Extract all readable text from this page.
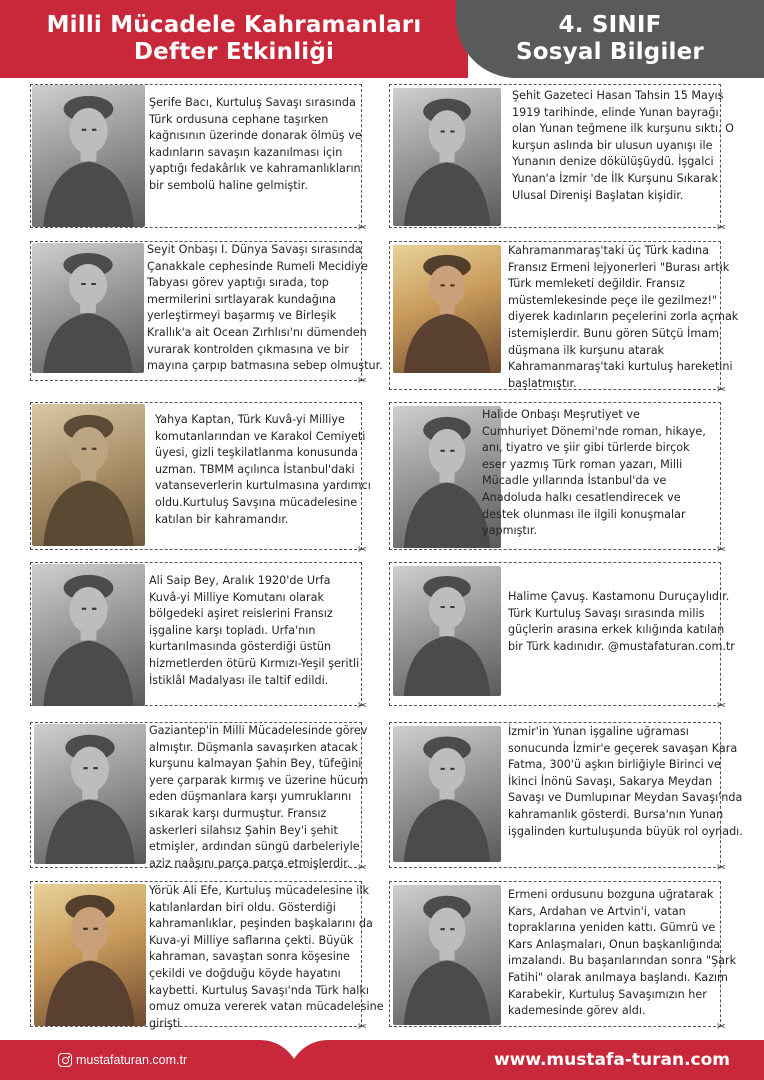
Milli Mücadele Kahramanları
Defter Etkinliği
4. SINIF
Sosyal Bilgiler
Şerife Bacı, Kurtuluş Savaşı sırasında
Türk ordusuna cephane taşırken
kağnısının üzerinde donarak ölmüş ve
kadınların savaşın kazanılması için
yaptığı fedakârlık ve kahramanlıkların
bir sembolü haline gelmiştir.
✂
Şehit Gazeteci Hasan Tahsin 15 Mayıs
1919 tarihinde, elinde Yunan bayrağı
olan Yunan teğmene ilk kurşunu sıktı. O
kurşun aslında bir ulusun uyanışı ile
Yunanın denize dökülüşüydü. İşgalci
Yunan'a İzmir 'de İlk Kurşunu Sıkarak
Ulusal Direnişi Başlatan kişidir.
✂
Seyit Onbaşı I. Dünya Savaşı sırasında
Çanakkale cephesinde Rumeli Mecidiye
Tabyası görev yaptığı sırada, top
mermilerini sırtlayarak kundağına
yerleştirmeyi başarmış ve Birleşik
Krallık'a ait Ocean Zırhlısı'nı dümenden
vurarak kontrolden çıkmasına ve bir
mayına çarpıp batmasına sebep olmuştur.
✂
Kahramanmaraş'taki üç Türk kadına
Fransız Ermeni lejyonerleri "Burası artık
Türk memleketi değildir. Fransız
müstemlekesinde peçe ile gezilmez!"
diyerek kadınların peçelerini zorla açmak
istemişlerdir. Bunu gören Sütçü İmam
düşmana ilk kurşunu atarak
Kahramanmaraş'taki kurtuluş hareketini
başlatmıştır.
✂
Yahya Kaptan, Türk Kuvâ-yi Milliye
komutanlarından ve Karakol Cemiyeti
üyesi, gizli teşkilatlanma konusunda
uzman. TBMM açılınca İstanbul'daki
vatanseverlerin kurtulmasına yardımcı
oldu.Kurtuluş Savşına mücadelesine
katılan bir kahramandır.
✂
Halide Onbaşı Meşrutiyet ve
Cumhuriyet Dönemi'nde roman, hikaye,
anı, tiyatro ve şiir gibi türlerde birçok
eser yazmış Türk roman yazarı, Milli
Mücadle yıllarında İstanbul'da ve
Anadoluda halkı cesatlendirecek ve
destek olunması ile ilgili konuşmalar
yapmıştır.
✂
Ali Saip Bey, Aralık 1920'de Urfa
Kuvâ-yi Milliye Komutanı olarak
bölgedeki aşiret reislerini Fransız
işgaline karşı topladı. Urfa'nın
kurtarılmasında gösterdiği üstün
hizmetlerden ötürü Kırmızı-Yeşil şeritli
İstiklâl Madalyası ile taltif edildi.
✂
Halime Çavuş. Kastamonu Duruçaylıdır.
Türk Kurtuluş Savaşı sırasında milis
güçlerin arasına erkek kılığında katılan
bir Türk kadınıdır. @mustafaturan.com.tr
✂
Gaziantep'in Milli Mücadelesinde görev
almıştır. Düşmanla savaşırken atacak
kurşunu kalmayan Şahin Bey, tüfeğini
yere çarparak kırmış ve üzerine hücum
eden düşmanlara karşı yumruklarını
sıkarak karşı durmuştur. Fransız
askerleri silahsız Şahin Bey'i şehit
etmişler, ardından süngü darbeleriyle
aziz naâşını parça parça etmişlerdir. ✂
İzmir'in Yunan işgaline uğraması
sonucunda İzmir'e geçerek savaşan Kara
Fatma, 300'ü aşkın birliğiyle Birinci ve
İkinci İnönü Savaşı, Sakarya Meydan
Savaşı ve Dumlupınar Meydan Savaşı'nda
kahramanlık gösterdi. Bursa'nın Yunan
işgalinden kurtuluşunda büyük rol oynadı.
✂
Yörük Ali Efe, Kurtuluş mücadelesine ilk
katılanlardan biri oldu. Gösterdiği
kahramanlıklar, peşinden başkalarını da
Kuva-yi Milliye saflarına çekti. Büyük
kahraman, savaştan sonra köşesine
çekildi ve doğduğu köyde hayatını
kaybetti. Kurtuluş Savaşı'nda Türk halkı
omuz omuza vererek vatan mücadelesine
girişti	✂
Ermeni ordusunu bozguna uğratarak
Kars, Ardahan ve Artvin'i, vatan
topraklarına yeniden kattı. Gümrü ve
Kars Anlaşmaları, Onun başkanlığında
imzalandı. Bu başarılarından sonra "Şark
Fatihi" olarak anılmaya başlandı. Kazım
Karabekir, Kurtuluş Savaşımızın her
kademesinde görev aldı.
✂
mustafaturan.com.tr	www.mustafa-turan.com
